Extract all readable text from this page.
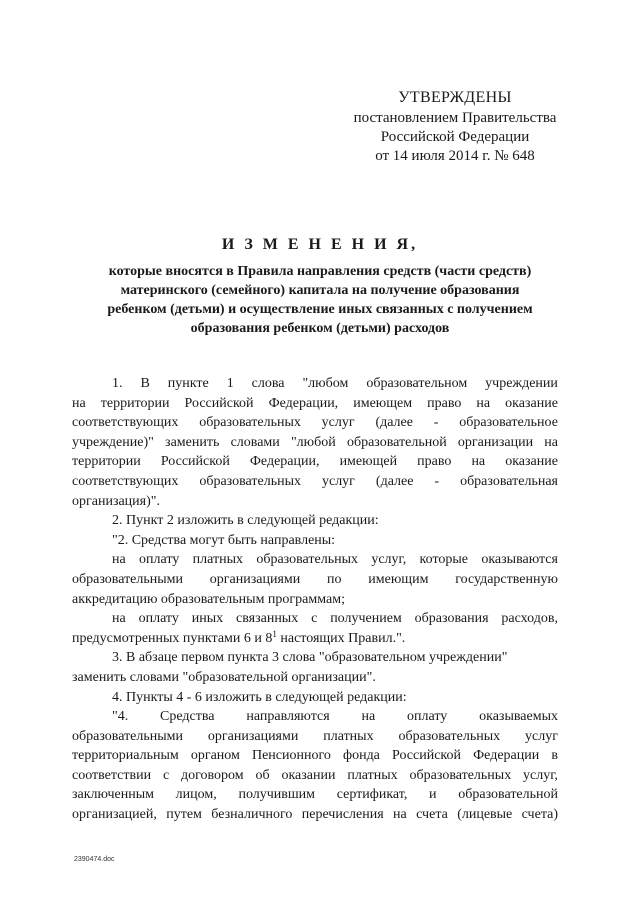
УТВЕРЖДЕНЫ
постановлением Правительства
Российской Федерации
от 14 июля 2014 г. № 648
И З М Е Н Е Н И Я,
которые вносятся в Правила направления средств (части средств)
материнского (семейного) капитала на получение образования
ребенком (детьми) и осуществление иных связанных с получением
образования ребенком (детьми) расходов
1. В пункте 1 слова "любом образовательном учреждении
на территории Российской Федерации, имеющем право на оказание
соответствующих образовательных услуг (далее - образовательное
учреждение)" заменить словами "любой образовательной организации на
территории Российской Федерации, имеющей право на оказание
соответствующих образовательных услуг (далее - образовательная
организация)".
2. Пункт 2 изложить в следующей редакции:
"2. Средства могут быть направлены:
на оплату платных образовательных услуг, которые оказываются
образовательными организациями по имеющим государственную
аккредитацию образовательным программам;
на оплату иных связанных с получением образования расходов,
предусмотренных пунктами 6 и $8^1$ настоящих Правил.".
3. В абзаце первом пункта 3 слова "образовательном учреждении"
заменить словами "образовательной организации".
4. Пункты 4 - 6 изложить в следующей редакции:
"4. Средства направляются на оплату оказываемых
образовательными организациями платных образовательных услуг
территориальным органом Пенсионного фонда Российской Федерации в
соответствии с договором об оказании платных образовательных услуг,
заключенным лицом, получившим сертификат, и образовательной
организацией, путем безналичного перечисления на счета (лицевые счета)
2390474.doc
